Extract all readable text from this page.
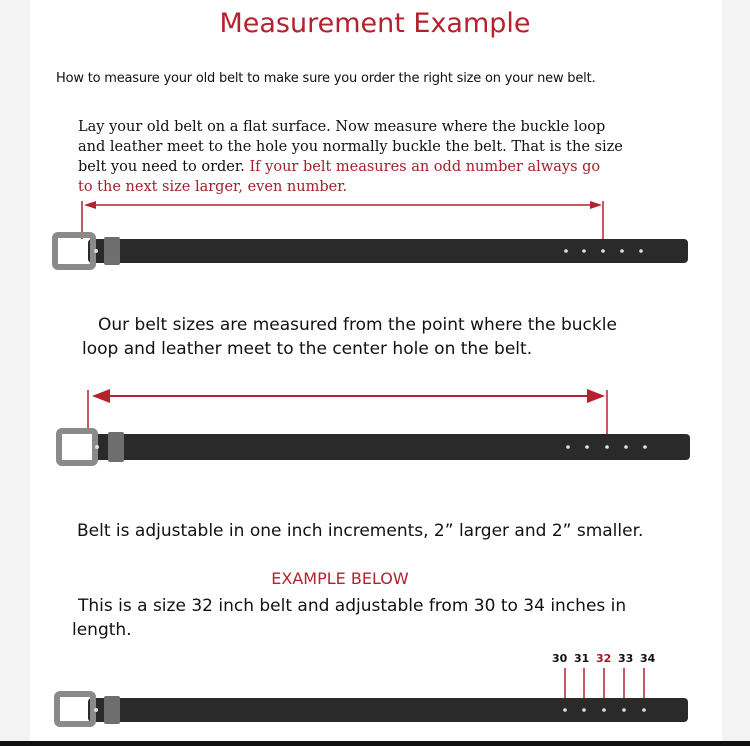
Measurement Example
How to measure your old belt to make sure you order the right size on your new belt.
Lay your old belt on a flat surface. Now measure where the buckle loop
and leather meet to the hole you normally buckle the belt. That is the size
belt you need to order. If your belt measures an odd number always go
to the next size larger, even number.
Our belt sizes are measured from the point where the buckle
loop and leather meet to the center hole on the belt.
Belt is adjustable in one inch increments, 2” larger and 2” smaller.
EXAMPLE BELOW
This is a size 32 inch belt and adjustable from 30 to 34 inches in
length.
30 31 32 33 34
